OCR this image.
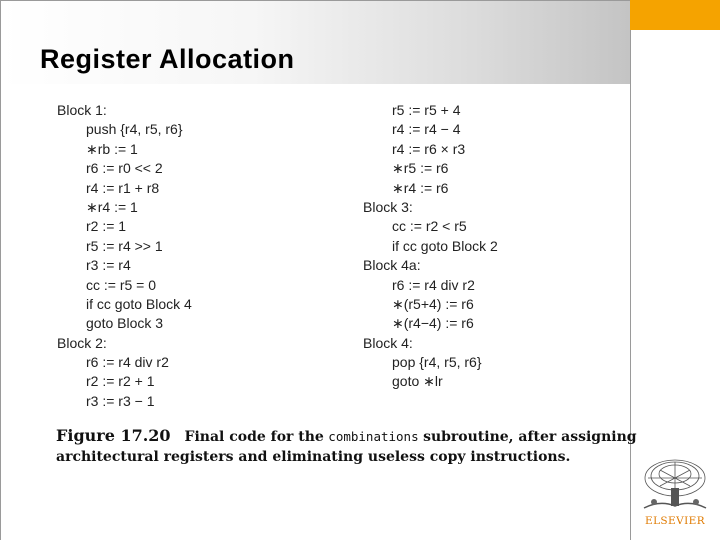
Register Allocation
Block 1:
push {r4, r5, r6}
∗rb := 1
r6 := r0 << 2
r4 := r1 + r8
∗r4 := 1
r2 := 1
r5 := r4 >> 1
r3 := r4
cc := r5 = 0
if cc goto Block 4
goto Block 3
Block 2:
r6 := r4 div r2
r2 := r2 + 1
r3 := r3 − 1
r5 := r5 + 4
r4 := r4 − 4
r4 := r6 × r3
∗r5 := r6
∗r4 := r6
Block 3:
cc := r2 < r5
if cc goto Block 2
Block 4a:
r6 := r4 div r2
∗(r5+4) := r6
∗(r4−4) := r6
Block 4:
pop {r4, r5, r6}
goto ∗lr
Figure 17.20 Final code for the combinations subroutine, after assigning architectural registers and eliminating useless copy instructions.
ELSEVIER
